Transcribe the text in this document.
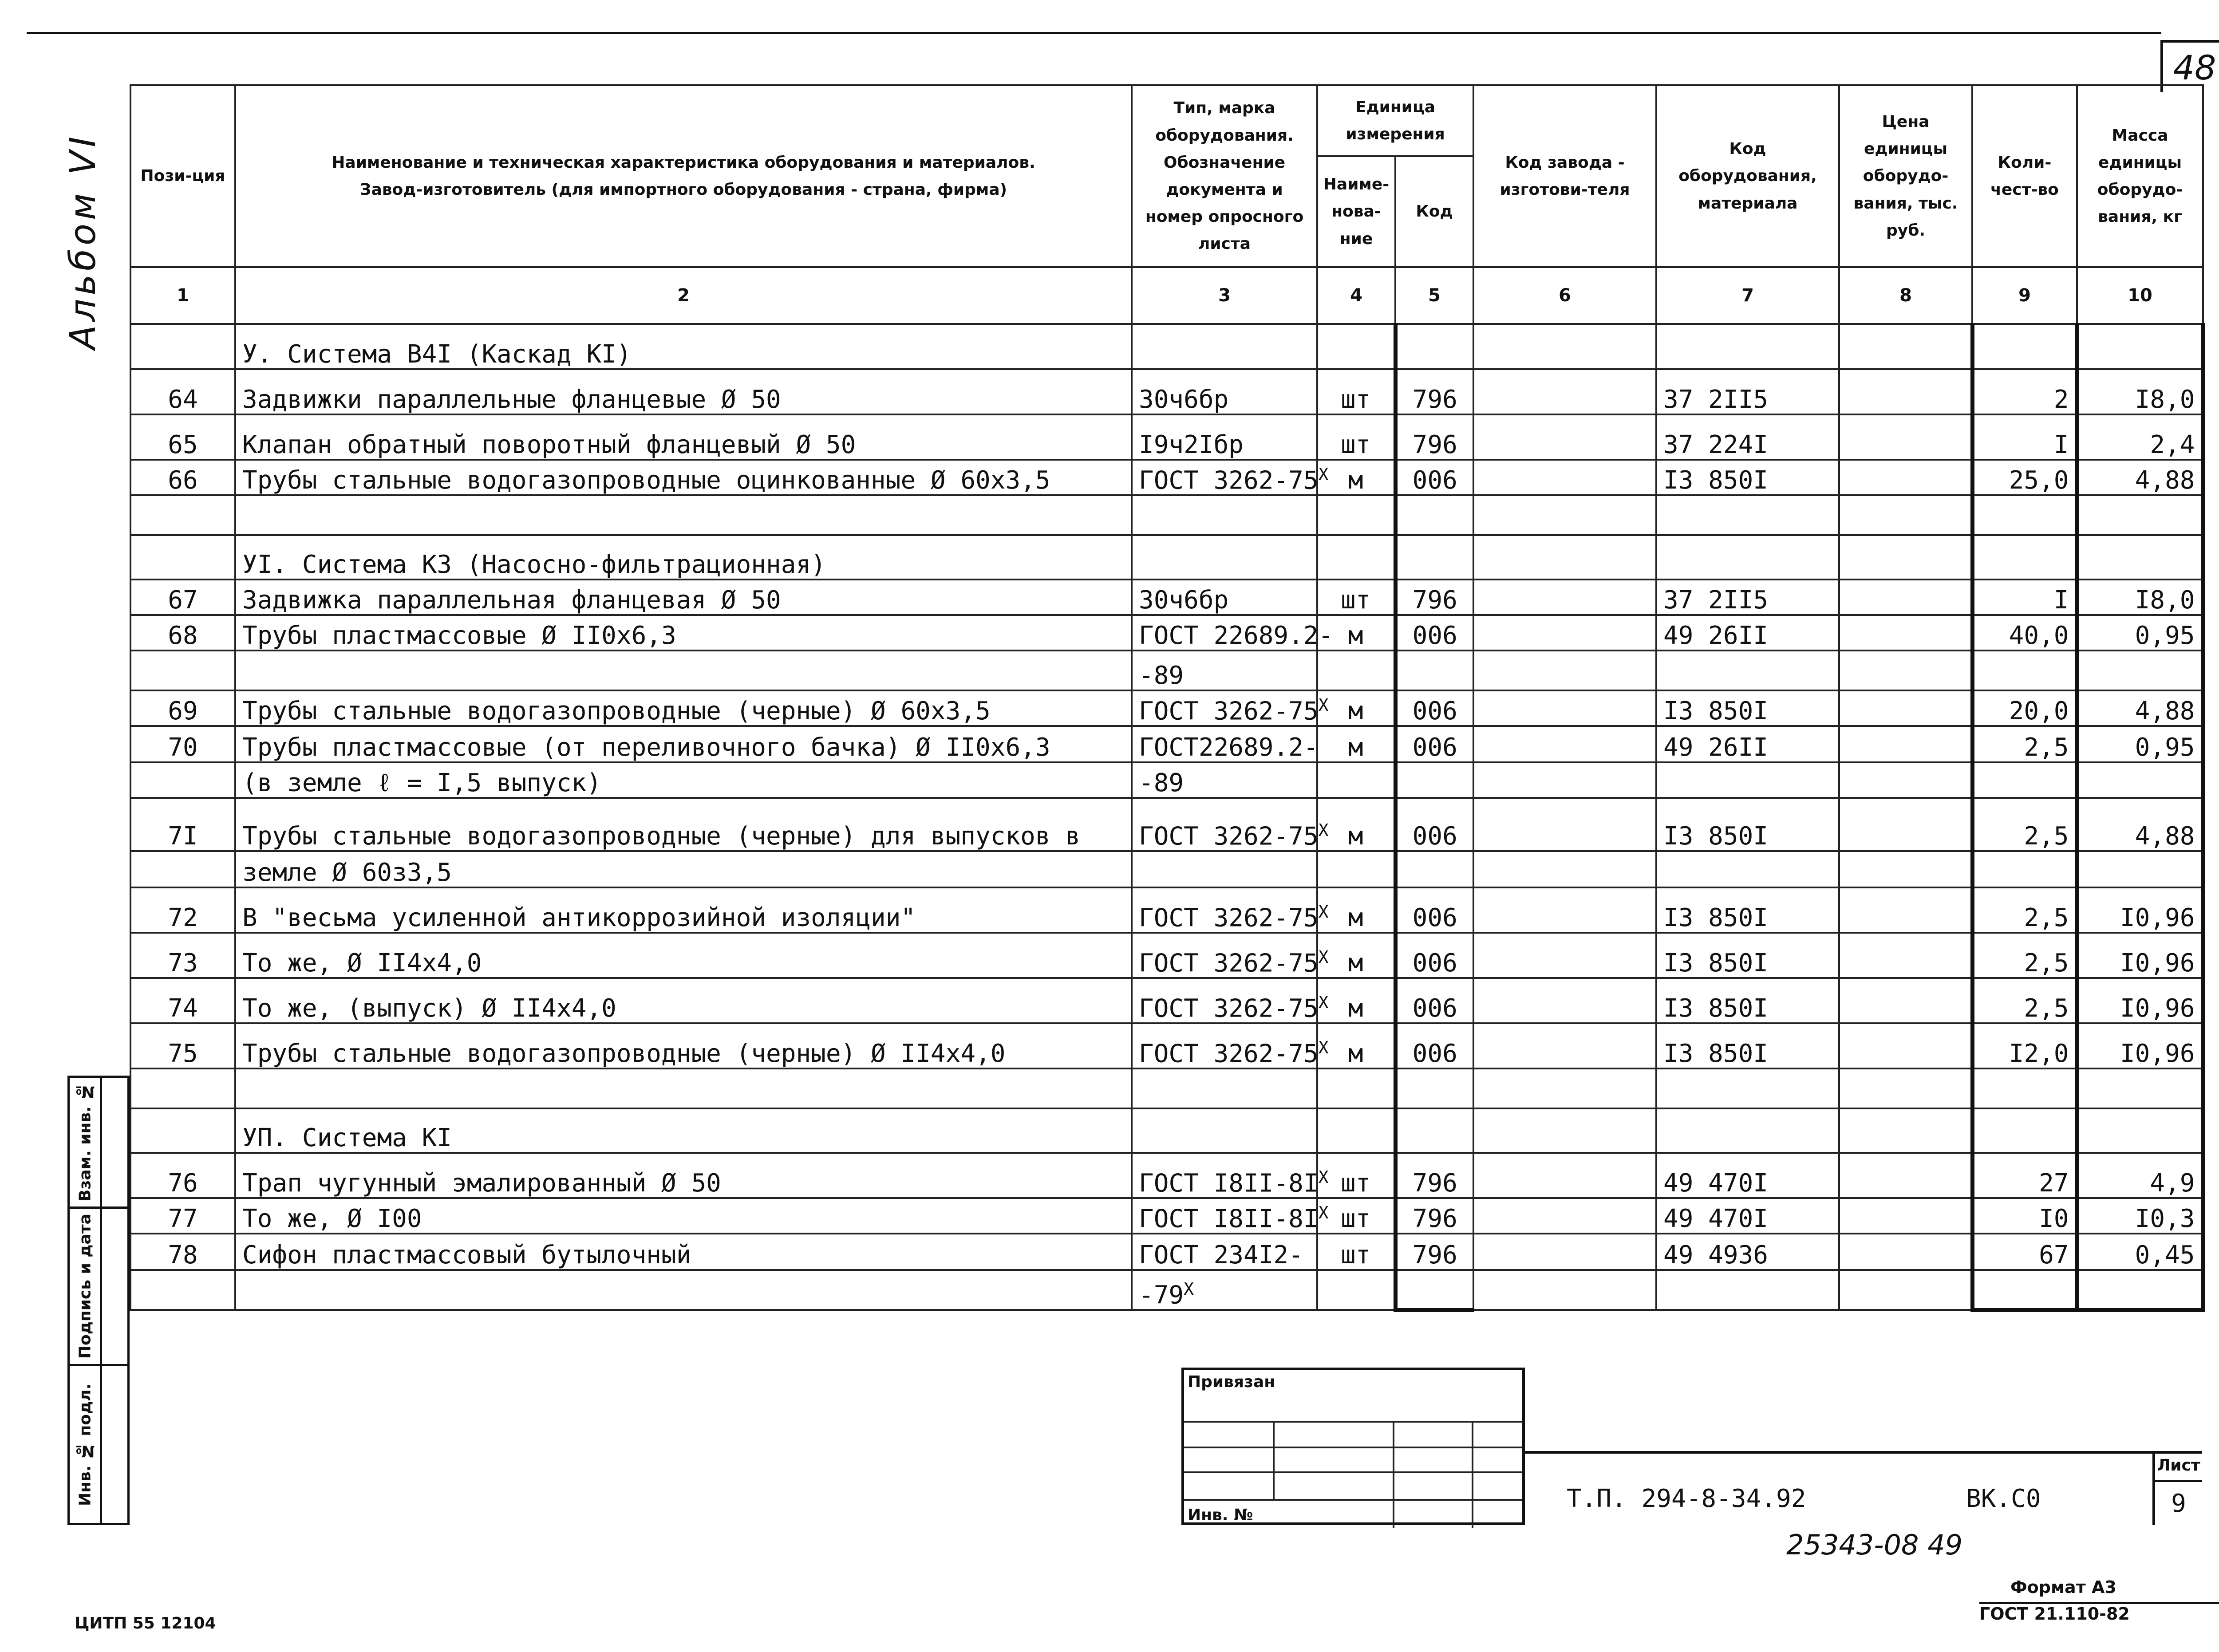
48
Альбом VI Пози-ция	Наименование и техническая характеристика оборудования и материалов.
Завод-изготовитель (для импортного оборудования - страна, фирма)	Тип, марка оборудования. Обозначение документа и номер опросного листа	Единица измерения		Код завода - изготови-теля	Код оборудования, материала	Цена единицы оборудо-вания, тыс. руб.	Коли-чест-во	Масса единицы оборудо-вания, кг
			Наиме-нова-ние	Код					
1	2	3	4	5	6	7	8	9	10
	У. Система В4I (Каскад КI)								
64	Задвижки параллельные фланцевые Ø 50	30ч6бр	шт	796		37 2II5		2	I8,0
65	Клапан обратный поворотный фланцевый Ø 50	I9ч2Iбр	шт	796		37 224I		I	2,4
66	Трубы стальные водогазопроводные оцинкованные Ø 60х3,5	ГОСТ $3262-75^X$	м	006		I3 850I		25,0	4,88

	УI. Система К3 (Насосно-фильтрационная)								
67	Задвижка параллельная фланцевая Ø 50	30ч6бр	шт	796		37 2II5		I	I8,0
68	Трубы пластмассовые Ø II0х6,3	ГОСТ 22689.2-	м	006		49 26II		40,0	0,95
		-89							
69	Трубы стальные водогазопроводные (черные) Ø 60х3,5	ГОСТ $3262-75^X$	м	006		I3 850I		20,0	4,88
70	Трубы пластмассовые (от переливочного бачка) Ø II0х6,3	ГОСТ22689.2-	м	006		49 26II		2,5	0,95
	(в земле ℓ = I,5 выпуск)	-89							
7I	Трубы стальные водогазопроводные (черные) для выпусков в	ГОСТ $3262-75^X$	м	006		I3 850I		2,5	4,88
	земле Ø 60з3,5								
72	В "весьма усиленной антикоррозийной изоляции"	ГОСТ $3262-75^X$	м	006		I3 850I		2,5	I0,96
73	То же, Ø II4х4,0	ГОСТ $3262-75^X$	м	006		I3 850I		2,5	I0,96
74	То же, (выпуск) Ø II4х4,0	ГОСТ $3262-75^X$	м	006		I3 850I		2,5	I0,96
75	Трубы стальные водогазопроводные (черные) Ø II4х4,0	ГОСТ $3262-75^X$	м	006		I3 850I		I2,0	I0,96

	УП. Система КI								
76	Трап чугунный эмалированный Ø 50	ГОСТ $I8II-8I^X$	шт	796		49 470I		27	4,9
77	То же, Ø I00	ГОСТ $I8II-8I^X$	шт	796		49 470I		I0	I0,3
78	Сифон пластмассовый бутылочный	ГОСТ 234I2-	шт	796		49 4936		67	0,45
		$-79^X$							

Взам. инв. №
Подпись и дата
Инв. № подл.
Привязан
Инв. №
Т.П. 294-8-34.92	ВК.С0
Лист
9
25343-08 49
Формат А3
ГОСТ 21.110-82
ЦИТП 55 12104
